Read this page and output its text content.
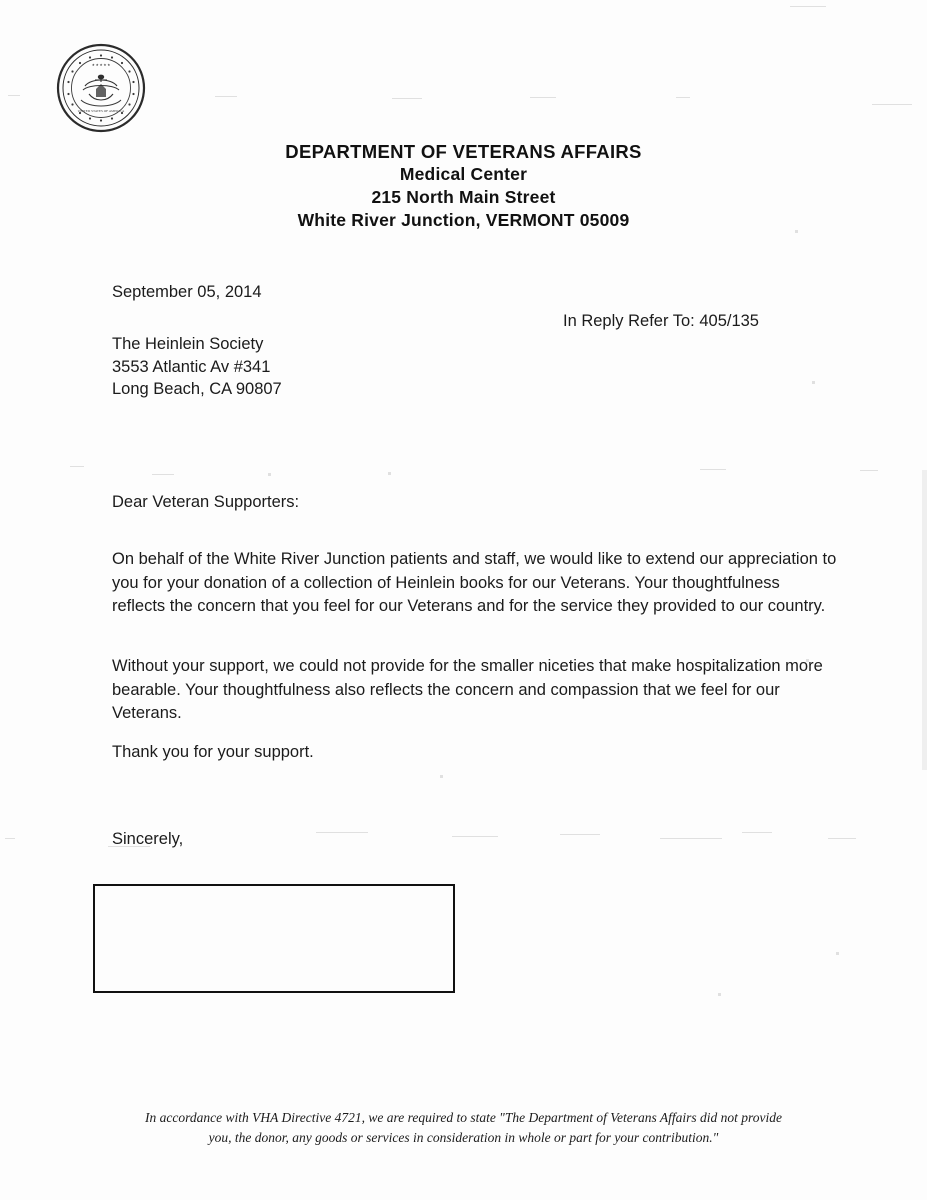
★ ★ ★ ★ ★
UNITED STATES OF AMERICA
DEPARTMENT OF VETERANS AFFAIRS
Medical Center
215 North Main Street
White River Junction, VERMONT 05009
September 05, 2014
In Reply Refer To: 405/135
The Heinlein Society
3553 Atlantic Av #341
Long Beach, CA 90807
Dear Veteran Supporters:
On behalf of the White River Junction patients and staff, we would like to extend our appreciation to you for your donation of a collection of Heinlein books for our Veterans. Your thoughtfulness reflects the concern that you feel for our Veterans and for the service they provided to our country.
Without your support, we could not provide for the smaller niceties that make hospitalization more bearable. Your thoughtfulness also reflects the concern and compassion that we feel for our Veterans.
Thank you for your support.
Sincerely,
In accordance with VHA Directive 4721, we are required to state "The Department of Veterans Affairs did not provide
you, the donor, any goods or services in consideration in whole or part for your contribution."
